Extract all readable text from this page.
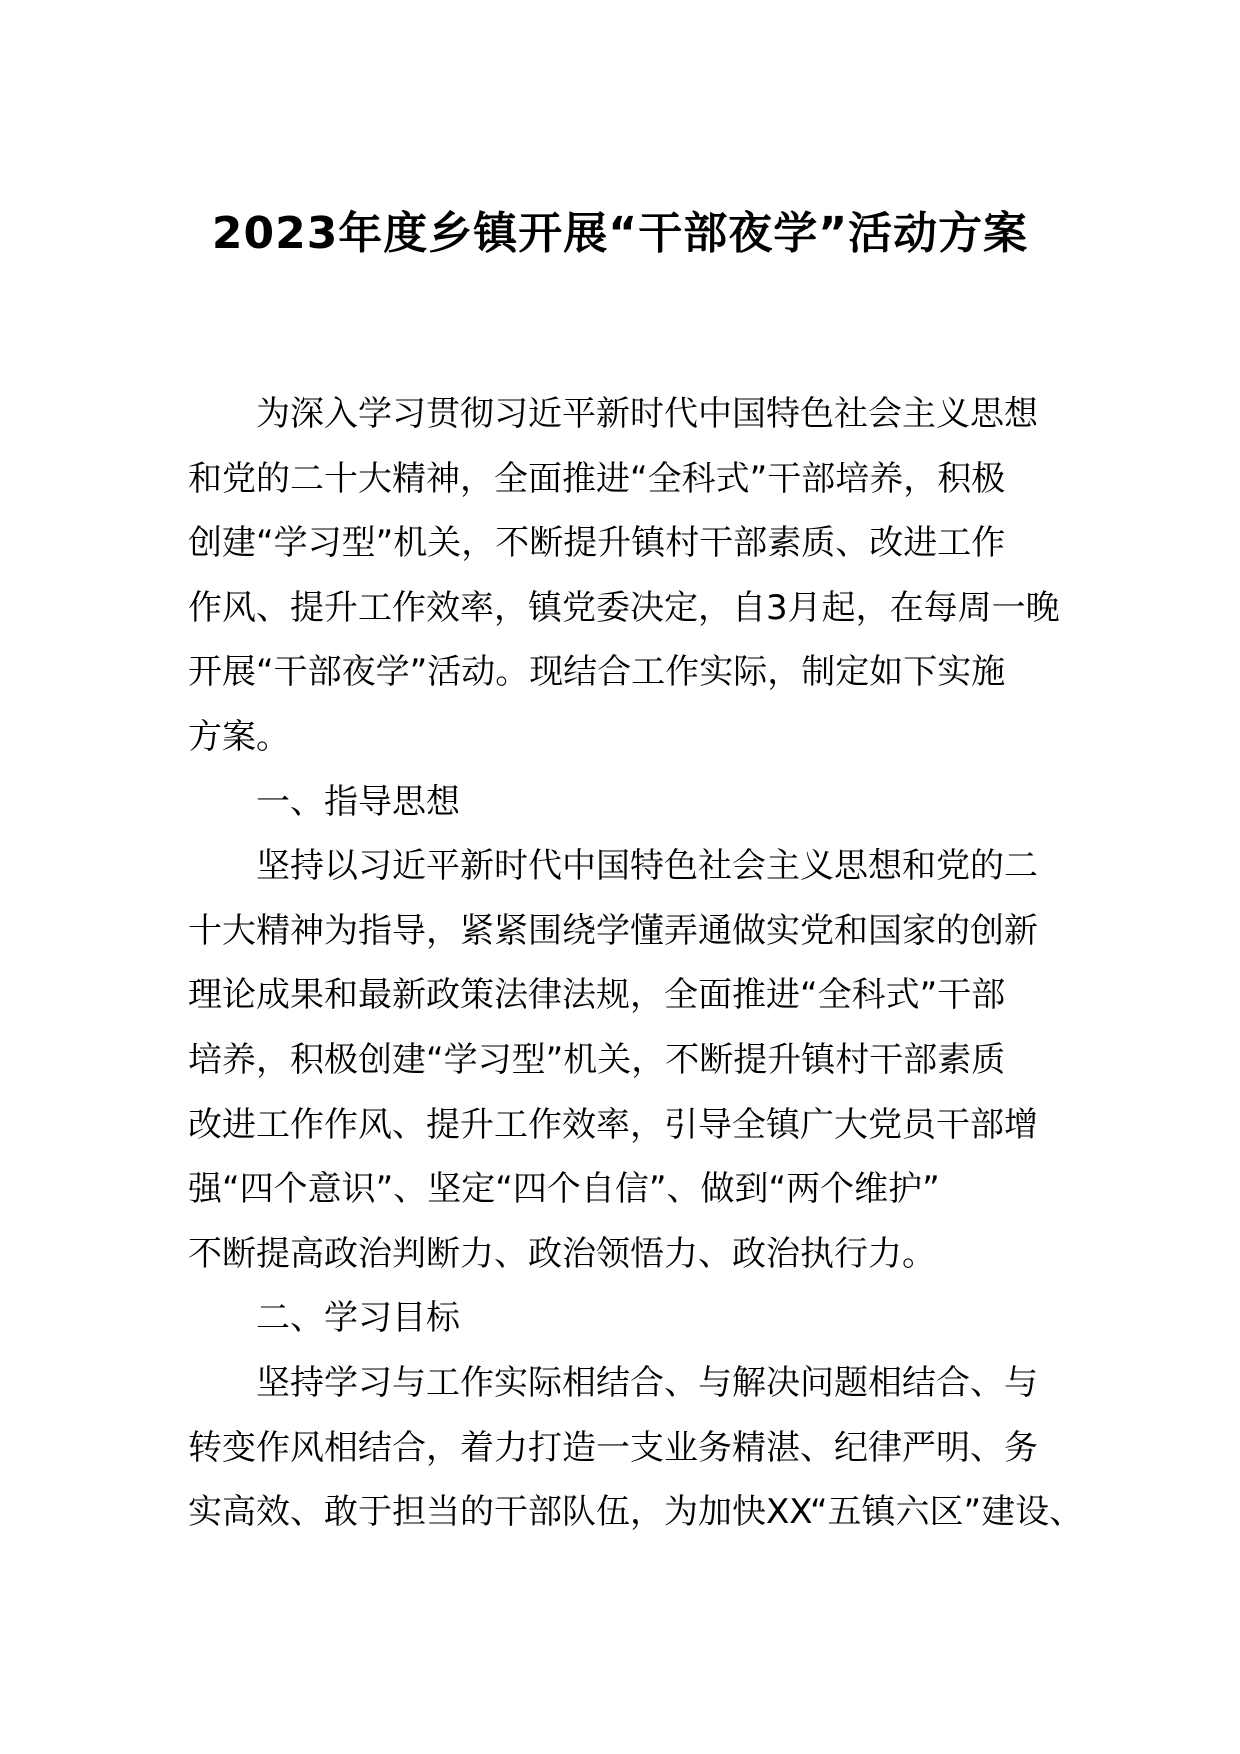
2023年度乡镇开展“干部夜学”活动方案
为深入学习贯彻习近平新时代中国特色社会主义思想
和党的二十大精神，全面推进“全科式”干部培养，积极
创建“学习型”机关，不断提升镇村干部素质、改进工作
作风、提升工作效率，镇党委决定，自3月起，在每周一晚
开展“干部夜学”活动。现结合工作实际，制定如下实施
方案。
一、指导思想
坚持以习近平新时代中国特色社会主义思想和党的二
十大精神为指导，紧紧围绕学懂弄通做实党和国家的创新
理论成果和最新政策法律法规，全面推进“全科式”干部
培养，积极创建“学习型”机关，不断提升镇村干部素质
改进工作作风、提升工作效率，引导全镇广大党员干部增
强“四个意识”、坚定“四个自信”、做到“两个维护”
不断提高政治判断力、政治领悟力、政治执行力。
二、学习目标
坚持学习与工作实际相结合、与解决问题相结合、与
转变作风相结合，着力打造一支业务精湛、纪律严明、务
实高效、敢于担当的干部队伍，为加快XX“五镇六区”建设、
